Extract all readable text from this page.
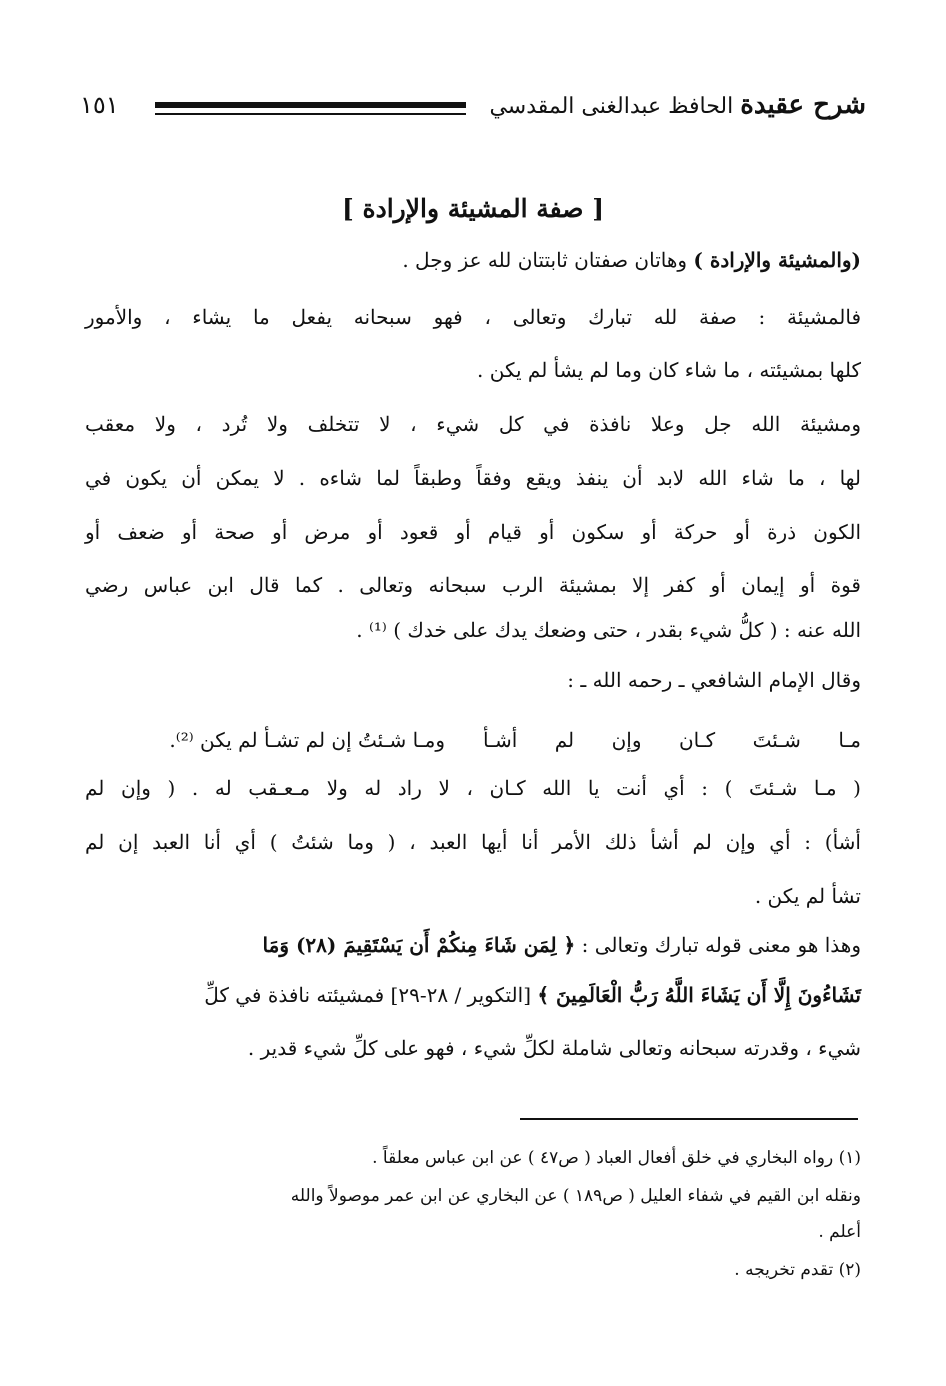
شرح عقيدة الحافظ عبدالغنى المقدسي
١٥١
[ صفة المشيئة والإرادة ]
(والمشيئة والإرادة ) وهاتان صفتان ثابتتان لله عز وجل .
فالمشيئة : صفة لله تبارك وتعالى ، فهو سبحانه يفعل ما يشاء ، والأمور
كلها بمشيئته ، ما شاء كان وما لم يشأ لم يكن .
ومشيئة الله جل وعلا نافذة في كل شيء ، لا تتخلف ولا تُرد ، ولا معقب
لها ، ما شاء الله لابد أن ينفذ ويقع وفقاً وطبقاً لما شاءه . لا يمكن أن يكون في
الكون ذرة أو حركة أو سكون أو قيام أو قعود أو مرض أو صحة أو ضعف أو
قوة أو إيمان أو كفر إلا بمشيئة الرب سبحانه وتعالى . كما قال ابن عباس رضي
الله عنه : ( كلُّ شيء بقدر ، حتى وضعك يدك على خدك ) ⁽¹⁾ .
وقال الإمام الشافعي ـ رحمه الله ـ :
مـا شـئتَ كـان وإن لم أشـأ
ومـا شـئتُ إن لم تشـأ لم يكن ⁽²⁾.
( مـا شـئتَ ) : أي أنت يا الله كـان ، لا راد له ولا مـعـقب له . ( وإن لم
أشأ) : أي وإن لم أشأ ذلك الأمر أنا أيها العبد ، ( وما شئتُ ) أي أنا العبد إن لم
تشأ لم يكن .
وهذا هو معنى قوله تبارك وتعالى : ﴿ لِمَن شَاءَ مِنكُمْ أَن يَسْتَقِيمَ (٢٨) وَمَا
تَشَاءُونَ إِلَّا أَن يَشَاءَ اللَّهُ رَبُّ الْعَالَمِينَ ﴾ [التكوير / ٢٨-٢٩] فمشيئته نافذة في كلِّ
شيء ، وقدرته سبحانه وتعالى شاملة لكلِّ شيء ، فهو على كلِّ شيء قدير .
(١) رواه البخاري في خلق أفعال العباد ( ص٤٧ ) عن ابن عباس معلقاً .
ونقله ابن القيم في شفاء العليل ( ص١٨٩ ) عن البخاري عن ابن عمر موصولاً والله
أعلم .
(٢) تقدم تخريجه .
